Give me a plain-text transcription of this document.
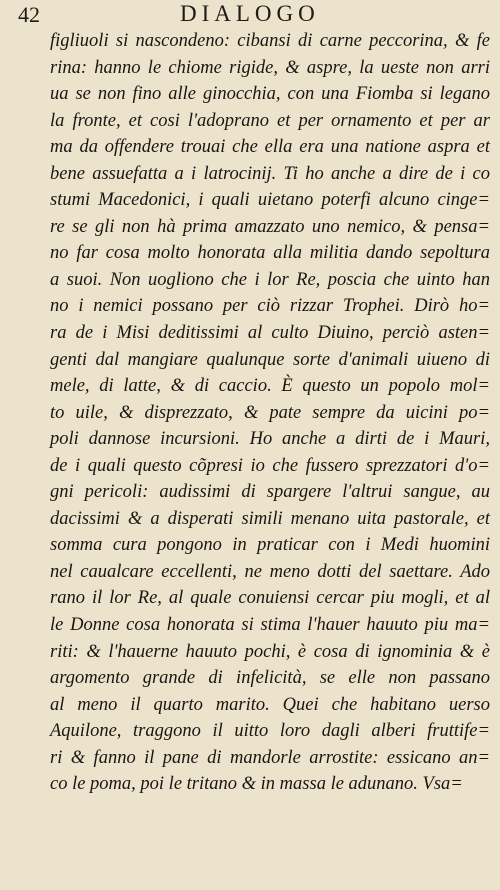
42	DIALOGO
figliuoli si nascondeno: cibansi di carne peccorina, & fe
rina: hanno le chiome rigide, & aspre, la ueste non arri
ua se non fino alle ginocchia, con una Fiomba si legano
la fronte, et cosi l'adoprano et per ornamento et per ar
ma da offendere trouai che ella era una natione aspra et
bene assuefatta a i latrocinij. Ti ho anche a dire de i co
stumi Macedonici, i quali uietano poterfi alcuno cinge=
re se gli non hà prima amazzato uno nemico, & pensa=
no far cosa molto honorata alla militia dando sepoltura
a suoi. Non uogliono che i lor Re, poscia che uinto han
no i nemici possano per ciò rizzar Trophei. Dirò ho=
ra de i Misi deditissimi al culto Diuino, perciò asten=
genti dal mangiare qualunque sorte d'animali uiueno di
mele, di latte, & di caccio. È questo un popolo mol=
to uile, & disprezzato, & pate sempre da uicini po=
poli dannose incursioni. Ho anche a dirti de i Mauri,
de i quali questo cõpresi io che fussero sprezzatori d'o=
gni pericoli: audissimi di spargere l'altrui sangue, au
dacissimi & a disperati simili menano uita pastorale, et
somma cura pongono in praticar con i Medi huomini
nel caualcare eccellenti, ne meno dotti del saettare. Ado
rano il lor Re, al quale conuiensi cercar piu mogli, et al
le Donne cosa honorata si stima l'hauer hauuto piu ma=
riti: & l'hauerne hauuto pochi, è cosa di ignominia & è
argomento grande di infelicità, se elle non passano
al meno il quarto marito. Quei che habitano uerso
Aquilone, traggono il uitto loro dagli alberi fruttife=
ri & fanno il pane di mandorle arrostite: essicano an=
co le poma, poi le tritano & in massa le adunano. Vsa=
